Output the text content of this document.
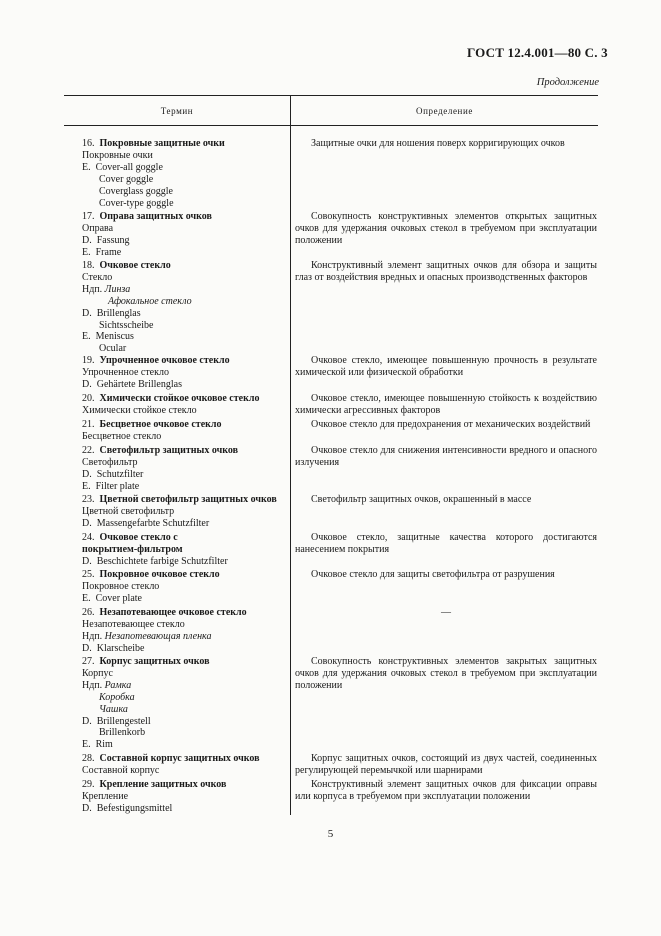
ГОСТ 12.4.001—80 С. 3
Продолжение
Термин	Определение
16. Покровные защитные очки
Покровные очки
E. Cover-all goggle
Cover goggle
Coverglass goggle
Cover-type goggle
Защитные очки для ношения поверх корригирующих очков
17. Оправа защитных очков
Оправа
D. Fassung
E. Frame
Совокупность конструктивных элементов открытых защитных очков для удержания очковых стекол в требуемом при эксплуатации положении
18. Очковое стекло
Стекло
Ндп. Линза
Афокальное стекло
D. Brillenglas
Sichtsscheibe
E. Meniscus
Ocular
Конструктивный элемент защитных очков для обзора и защиты глаз от воздействия вредных и опасных производственных факторов
19. Упрочненное очковое стекло
Упрочненное стекло
D. Gehärtete Brillenglas
Очковое стекло, имеющее повышенную прочность в результате химической или физической обработки
20. Химически стойкое очковое стекло
Химически стойкое стекло
Очковое стекло, имеющее повышенную стойкость к воздействию химически агрессивных факторов
21. Бесцветное очковое стекло
Бесцветное стекло
Очковое стекло для предохранения от механических воздействий
22. Светофильтр защитных очков
Светофильтр
D. Schutzfilter
E. Filter plate
Очковое стекло для снижения интенсивности вредного и опасного излучения
23. Цветной светофильтр защитных очков
Цветной светофильтр
D. Massengefarbte Schutzfilter
Светофильтр защитных очков, окрашенный в массе
24. Очковое стекло с
покрытием-фильтром
D. Beschichtete farbige Schutzfilter
Очковое стекло, защитные качества которого достигаются нанесением покрытия
25. Покровное очковое стекло
Покровное стекло
E. Cover plate
Очковое стекло для защиты светофильтра от разрушения
26. Незапотевающее очковое стекло
Незапотевающее стекло
Ндп. Незапотевающая пленка
D. Klarscheibe
—
27. Корпус защитных очков
Корпус
Ндп. Рамка
Коробка
Чашка
D. Brillengestell
Brillenkorb
E. Rim
Совокупность конструктивных элементов закрытых защитных очков для удержания очковых стекол в требуемом при эксплуатации положении
28. Составной корпус защитных очков
Составной корпус
Корпус защитных очков, состоящий из двух частей, соединенных регулирующей перемычкой или шарнирами
29. Крепление защитных очков
Крепление
D. Befestigungsmittel
Конструктивный элемент защитных очков для фиксации оправы или корпуса в требуемом при эксплуатации положении
5
